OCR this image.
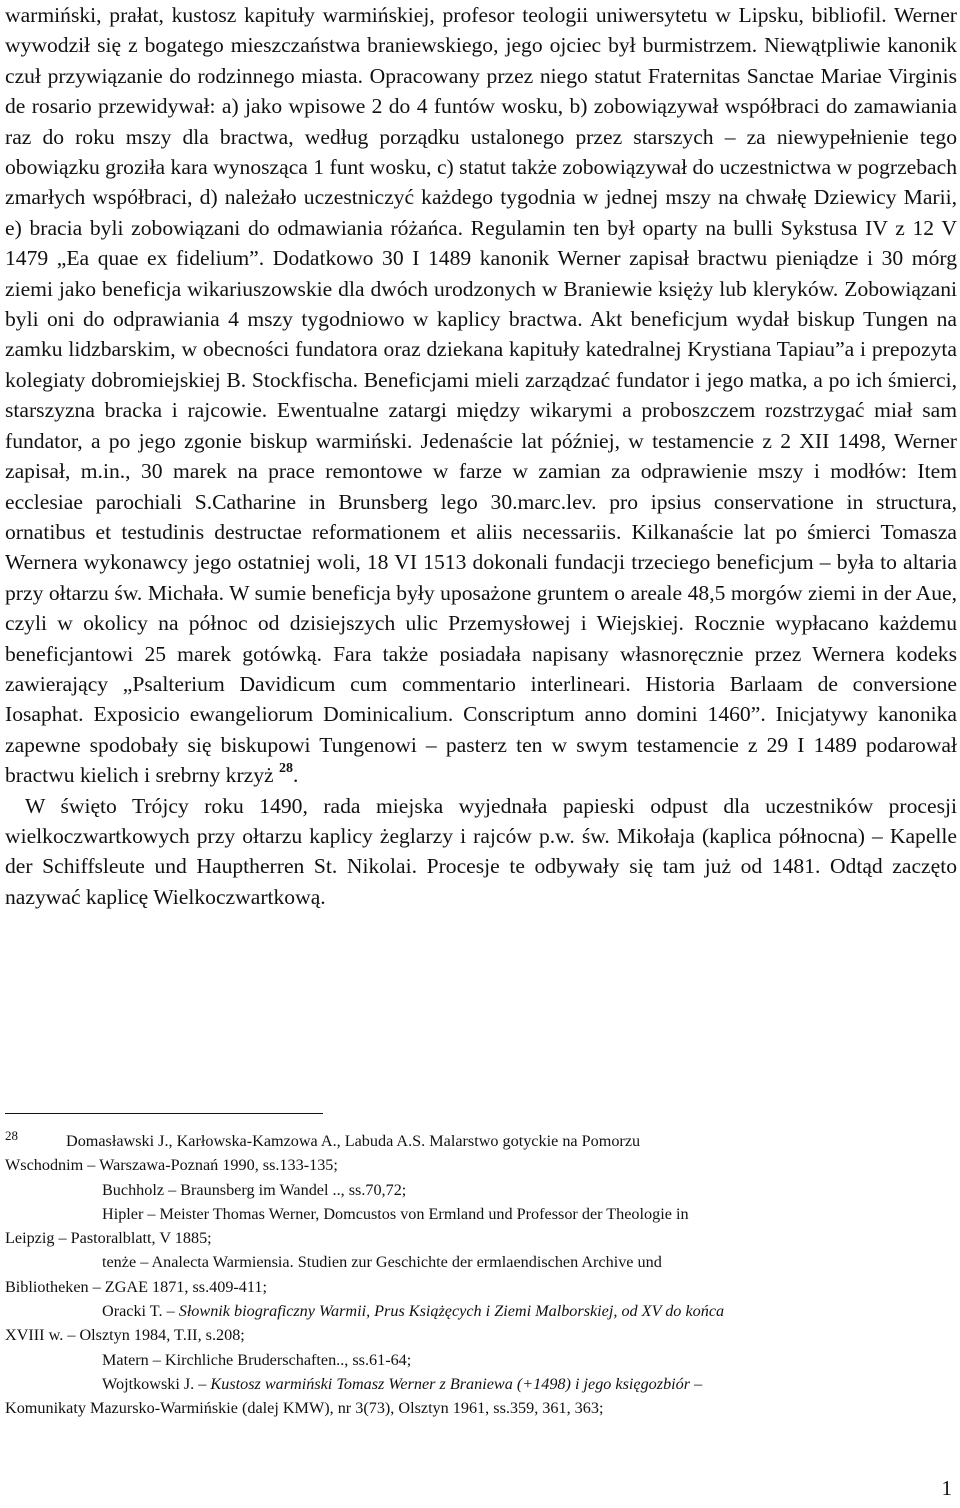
warmiński, prałat, kustosz kapituły warmińskiej, profesor teologii uniwersytetu w Lipsku, bibliofil. Werner wywodził się z bogatego mieszczaństwa braniewskiego, jego ojciec był burmistrzem. Niewątpliwie kanonik czuł przywiązanie do rodzinnego miasta. Opracowany przez niego statut Fraternitas Sanctae Mariae Virginis de rosario przewidywał: a) jako wpisowe 2 do 4 funtów wosku, b) zobowiązywał współbraci do zamawiania raz do roku mszy dla bractwa, według porządku ustalonego przez starszych – za niewypełnienie tego obowiązku groziła kara wynosząca 1 funt wosku, c) statut także zobowiązywał do uczestnictwa w pogrzebach zmarłych współbraci, d) należało uczestniczyć każdego tygodnia w jednej mszy na chwałę Dziewicy Marii, e) bracia byli zobowiązani do odmawiania różańca. Regulamin ten był oparty na bulli Sykstusa IV z 12 V 1479 „Ea quae ex fidelium”. Dodatkowo 30 I 1489 kanonik Werner zapisał bractwu pieniądze i 30 mórg ziemi jako beneficja wikariuszowskie dla dwóch urodzonych w Braniewie księży lub kleryków. Zobowiązani byli oni do odprawiania 4 mszy tygodniowo w kaplicy bractwa. Akt beneficjum wydał biskup Tungen na zamku lidzbarskim, w obecności fundatora oraz dziekana kapituły katedralnej Krystiana Tapiau”a i prepozyta kolegiaty dobromiejskiej B. Stockfischa. Beneficjami mieli zarządzać fundator i jego matka, a po ich śmierci, starszyzna bracka i rajcowie. Ewentualne zatargi między wikarymi a proboszczem rozstrzygać miał sam fundator, a po jego zgonie biskup warmiński. Jedenaście lat później, w testamencie z 2 XII 1498, Werner zapisał, m.in., 30 marek na prace remontowe w farze w zamian za odprawienie mszy i modłów: Item ecclesiae parochiali S.Catharine in Brunsberg lego 30.marc.lev. pro ipsius conservatione in structura, ornatibus et testudinis destructae reformationem et aliis necessariis. Kilkanaście lat po śmierci Tomasza Wernera wykonawcy jego ostatniej woli, 18 VI 1513 dokonali fundacji trzeciego beneficjum – była to altaria przy ołtarzu św. Michała. W sumie beneficja były uposażone gruntem o areale 48,5 morgów ziemi in der Aue, czyli w okolicy na północ od dzisiejszych ulic Przemysłowej i Wiejskiej. Rocznie wypłacano każdemu beneficjantowi 25 marek gotówką. Fara także posiadała napisany własnoręcznie przez Wernera kodeks zawierający „Psalterium Davidicum cum commentario interlineari. Historia Barlaam de conversione Iosaphat. Exposicio ewangeliorum Dominicalium. Conscriptum anno domini 1460”. Inicjatywy kanonika zapewne spodobały się biskupowi Tungenowi – pasterz ten w swym testamencie z 29 I 1489 podarował bractwu kielich i srebrny krzyż $^{28}$.

W święto Trójcy roku 1490, rada miejska wyjednała papieski odpust dla uczestników procesji wielkoczwartkowych przy ołtarzu kaplicy żeglarzy i rajców p.w. św. Mikołaja (kaplica północna) – Kapelle der Schiffsleute und Hauptherren St. Nikolai. Procesje te odbywały się tam już od 1481. Odtąd zaczęto nazywać kaplicę Wielkoczwartkową.

$^{28}$	Domasławski J., Karłowska-Kamzowa A., Labuda A.S. Malarstwo gotyckie na Pomorzu

Wschodnim – Warszawa-Poznań 1990, ss.133-135;

Buchholz – Braunsberg im Wandel .., ss.70,72;

Hipler – Meister Thomas Werner, Domcustos von Ermland und Professor der Theologie in

Leipzig – Pastoralblatt, V 1885;

tenże – Analecta Warmiensia. Studien zur Geschichte der ermlaendischen Archive und

Bibliotheken – ZGAE 1871, ss.409-411;

Oracki T. – Słownik biograficzny Warmii, Prus Książęcych i Ziemi Malborskiej, od XV do końca

XVIII w. – Olsztyn 1984, T.II, s.208;

Matern – Kirchliche Bruderschaften.., ss.61-64;

Wojtkowski J. – Kustosz warmiński Tomasz Werner z Braniewa (+1498) i jego księgozbiór –

Komunikaty Mazursko-Warmińskie (dalej KMW), nr 3(73), Olsztyn 1961, ss.359, 361, 363;

1
